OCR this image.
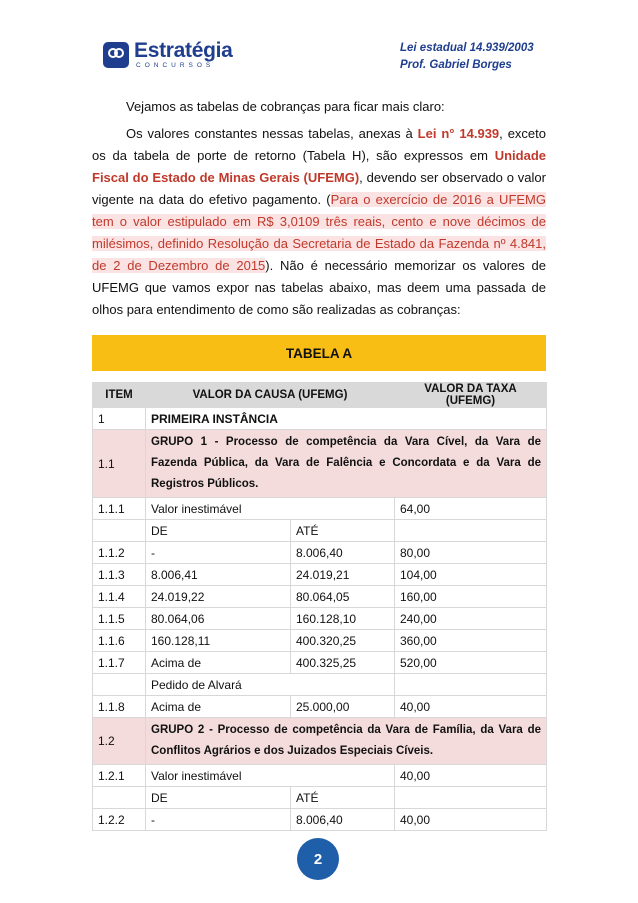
Estratégia
CONCURSOS
Lei estadual 14.939/2003
Prof. Gabriel Borges
Vejamos as tabelas de cobranças para ficar mais claro:
Os valores constantes nessas tabelas, anexas à Lei n° 14.939, exceto os da tabela de porte de retorno (Tabela H), são expressos em Unidade Fiscal do Estado de Minas Gerais (UFEMG), devendo ser observado o valor vigente na data do efetivo pagamento. (Para o exercício de 2016 a UFEMG tem o valor estipulado em R$ 3,0109 três reais, cento e nove décimos de milésimos, definido Resolução da Secretaria de Estado da Fazenda nº 4.841, de 2 de Dezembro de 2015). Não é necessário memorizar os valores de UFEMG que vamos expor nas tabelas abaixo, mas deem uma passada de olhos para entendimento de como são realizadas as cobranças:
TABELA A
ITEM	VALOR DA CAUSA (UFEMG)		VALOR DA TAXA (UFEMG)
1	PRIMEIRA INSTÂNCIA		
1.1	GRUPO 1 - Processo de competência da Vara Cível, da Vara de Fazenda Pública, da Vara de Falência e Concordata e da Vara de Registros Públicos.		
1.1.1	Valor inestimável		64,00
	DE	ATÉ	
1.1.2	-	8.006,40	80,00
1.1.3	8.006,41	24.019,21	104,00
1.1.4	24.019,22	80.064,05	160,00
1.1.5	80.064,06	160.128,10	240,00
1.1.6	160.128,11	400.320,25	360,00
1.1.7	Acima de	400.325,25	520,00
	Pedido de Alvará		
1.1.8	Acima de	25.000,00	40,00
1.2	GRUPO 2 - Processo de competência da Vara de Família, da Vara de Conflitos Agrários e dos Juizados Especiais Cíveis.		
1.2.1	Valor inestimável		40,00
	DE	ATÉ	
1.2.2	-	8.006,40	40,00
2
